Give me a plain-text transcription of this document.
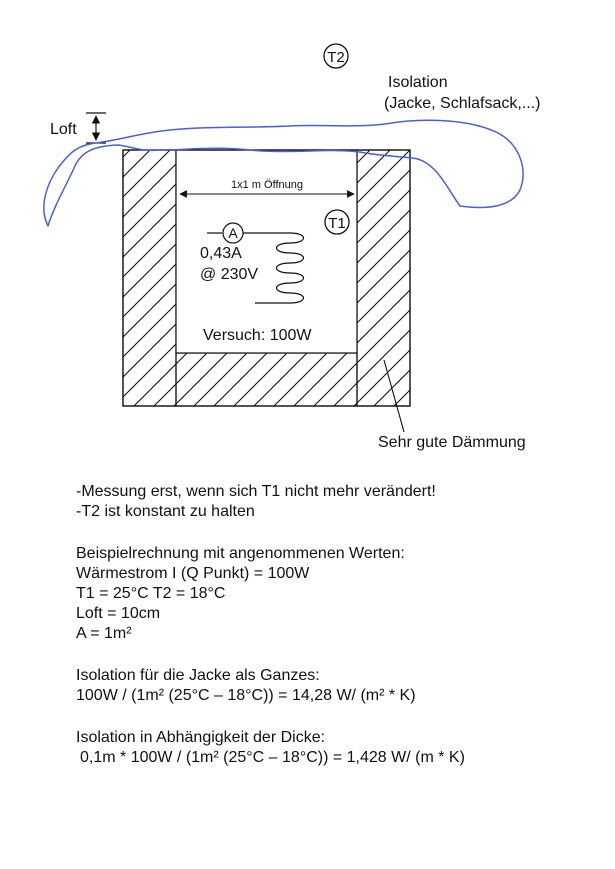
T2
Isolation
(Jacke, Schlafsack,...)
Loft
1x1 m Öffnung
T1
A
0,43A
@ 230V
Versuch: 100W
Sehr gute Dämmung

-Messung erst, wenn sich T1 nicht mehr verändert!

-T2 ist konstant zu halten

Beispielrechnung mit angenommenen Werten:

Wärmestrom I (Q Punkt) = 100W

T1 = 25°C T2 = 18°C

Loft = 10cm

A = 1m²

Isolation für die Jacke als Ganzes:

100W / (1m² (25°C – 18°C)) = 14,28 W/ (m² * K)

Isolation in Abhängigkeit der Dicke:

0,1m * 100W / (1m² (25°C – 18°C)) = 1,428 W/ (m * K)
